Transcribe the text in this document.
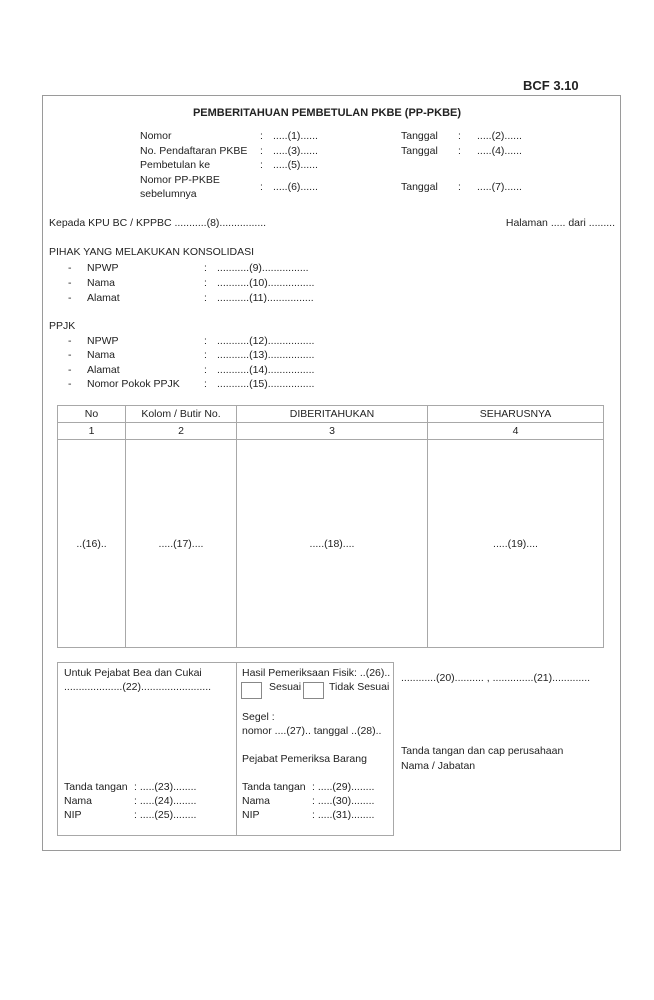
BCF 3.10
PEMBERITAHUAN PEMBETULAN PKBE (PP-PKBE)
Nomor	: .....(1)......	Tanggal : .....(2)......
No. Pendaftaran PKBE : .....(3)......	Tanggal : .....(4)......
Pembetulan ke	: .....(5)......
Nomor PP-PKBE
sebelumnya
: .....(6)......	Tanggal : .....(7)......
Kepada KPU BC / KPPBC ...........(8)................	Halaman ..... dari .........
PIHAK YANG MELAKUKAN KONSOLIDASI
- NPWP	: ...........(9)................
- Nama	: ...........(10)................
- Alamat	: ...........(11)................
PPJK
- NPWP	: ...........(12)................
- Nama	: ...........(13)................
- Alamat	: ...........(14)................
- Nomor Pokok PPJK : ...........(15)................
No	Kolom / Butir No.	DIBERITAHUKAN	SEHARUSNYA
1	2	3	4
..(16)..	.....(17)....	.....(18)....	.....(19)....
Untuk Pejabat Bea dan Cukai
....................(22)........................
Tanda tangan : .....(23)........
Nama	: .....(24)........
NIP	: .....(25)........
Hasil Pemeriksaan Fisik: ..(26)..
Sesuai	Tidak Sesuai
Segel :
nomor ....(27).. tanggal ..(28)..
Pejabat Pemeriksa Barang
Tanda tangan : .....(29)........
Nama	: .....(30)........
NIP	: .....(31)........
............(20).......... , ..............(21).............
Tanda tangan dan cap perusahaan
Nama / Jabatan
